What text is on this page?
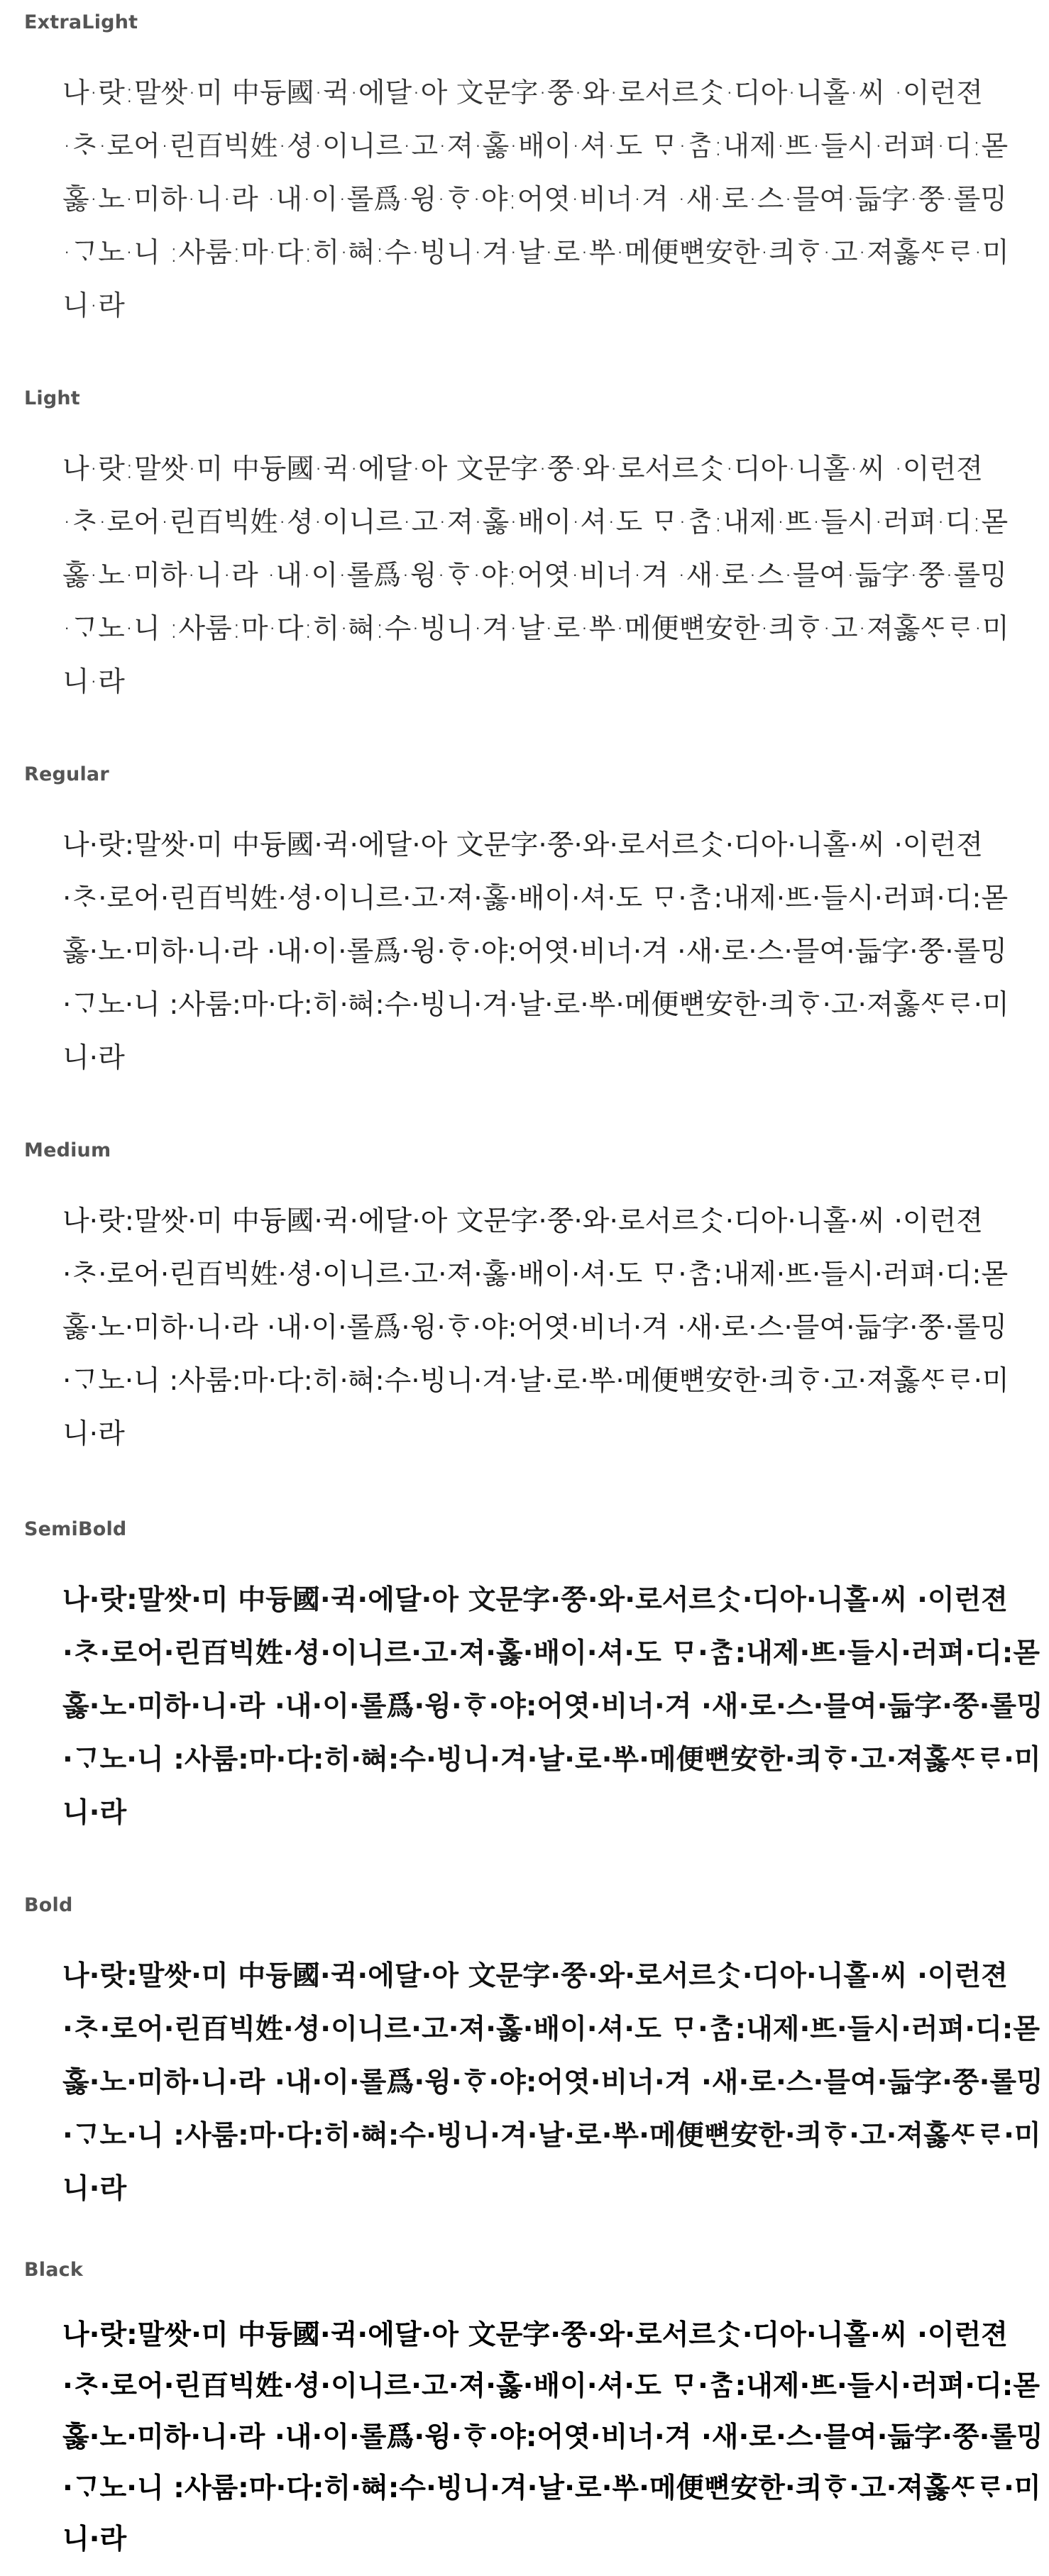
ExtraLight
나·랏:말쌋·미 中듕國·귁·에달·아 文문字·쭝·와·로서르ᄉᆞᆺ·디아·니홀·씨 ·이런젼
·ᄎᆞ·로어·린百빅姓·셩·이니르·고·져·홇·배이·셔·도 ᄆᆞ·ᄎᆞᆷ:내제·ᄠᅳ·들시·러펴·디:몯
홇·노·미하·니·라 ·내·이·롤爲·윙·ᄒᆞ·야:어엿·비너·겨 ·새·로·스·믈여·듧字·쭝·롤밍
·ᄀᆞ노·니 :사룸:마·다:히·ᅘᅧ:수·빙니·겨·날·로·ᄡᅮ·메便뼌安한·킈ᄒᆞ·고·져홇ᄯᆞᄅᆞ·미
니·라
Light
나·랏:말쌋·미 中듕國·귁·에달·아 文문字·쭝·와·로서르ᄉᆞᆺ·디아·니홀·씨 ·이런젼
·ᄎᆞ·로어·린百빅姓·셩·이니르·고·져·홇·배이·셔·도 ᄆᆞ·ᄎᆞᆷ:내제·ᄠᅳ·들시·러펴·디:몯
홇·노·미하·니·라 ·내·이·롤爲·윙·ᄒᆞ·야:어엿·비너·겨 ·새·로·스·믈여·듧字·쭝·롤밍
·ᄀᆞ노·니 :사룸:마·다:히·ᅘᅧ:수·빙니·겨·날·로·ᄡᅮ·메便뼌安한·킈ᄒᆞ·고·져홇ᄯᆞᄅᆞ·미
니·라
Regular
나·랏:말쌋·미 中듕國·귁·에달·아 文문字·쭝·와·로서르ᄉᆞᆺ·디아·니홀·씨 ·이런젼
·ᄎᆞ·로어·린百빅姓·셩·이니르·고·져·홇·배이·셔·도 ᄆᆞ·ᄎᆞᆷ:내제·ᄠᅳ·들시·러펴·디:몯
홇·노·미하·니·라 ·내·이·롤爲·윙·ᄒᆞ·야:어엿·비너·겨 ·새·로·스·믈여·듧字·쭝·롤밍
·ᄀᆞ노·니 :사룸:마·다:히·ᅘᅧ:수·빙니·겨·날·로·ᄡᅮ·메便뼌安한·킈ᄒᆞ·고·져홇ᄯᆞᄅᆞ·미
니·라
Medium
나·랏:말쌋·미 中듕國·귁·에달·아 文문字·쭝·와·로서르ᄉᆞᆺ·디아·니홀·씨 ·이런젼
·ᄎᆞ·로어·린百빅姓·셩·이니르·고·져·홇·배이·셔·도 ᄆᆞ·ᄎᆞᆷ:내제·ᄠᅳ·들시·러펴·디:몯
홇·노·미하·니·라 ·내·이·롤爲·윙·ᄒᆞ·야:어엿·비너·겨 ·새·로·스·믈여·듧字·쭝·롤밍
·ᄀᆞ노·니 :사룸:마·다:히·ᅘᅧ:수·빙니·겨·날·로·ᄡᅮ·메便뼌安한·킈ᄒᆞ·고·져홇ᄯᆞᄅᆞ·미
니·라
SemiBold
나·랏:말쌋·미 中듕國·귁·에달·아 文문字·쭝·와·로서르ᄉᆞᆺ·디아·니홀·씨 ·이런젼
·ᄎᆞ·로어·린百빅姓·셩·이니르·고·져·홇·배이·셔·도 ᄆᆞ·ᄎᆞᆷ:내제·ᄠᅳ·들시·러펴·디:몯
홇·노·미하·니·라 ·내·이·롤爲·윙·ᄒᆞ·야:어엿·비너·겨 ·새·로·스·믈여·듧字·쭝·롤밍
·ᄀᆞ노·니 :사룸:마·다:히·ᅘᅧ:수·빙니·겨·날·로·ᄡᅮ·메便뼌安한·킈ᄒᆞ·고·져홇ᄯᆞᄅᆞ·미
니·라
Bold
나·랏:말쌋·미 中듕國·귁·에달·아 文문字·쭝·와·로서르ᄉᆞᆺ·디아·니홀·씨 ·이런젼
·ᄎᆞ·로어·린百빅姓·셩·이니르·고·져·홇·배이·셔·도 ᄆᆞ·ᄎᆞᆷ:내제·ᄠᅳ·들시·러펴·디:몯
홇·노·미하·니·라 ·내·이·롤爲·윙·ᄒᆞ·야:어엿·비너·겨 ·새·로·스·믈여·듧字·쭝·롤밍
·ᄀᆞ노·니 :사룸:마·다:히·ᅘᅧ:수·빙니·겨·날·로·ᄡᅮ·메便뼌安한·킈ᄒᆞ·고·져홇ᄯᆞᄅᆞ·미
니·라
Black
나·랏:말쌋·미 中듕國·귁·에달·아 文문字·쭝·와·로서르ᄉᆞᆺ·디아·니홀·씨 ·이런젼
·ᄎᆞ·로어·린百빅姓·셩·이니르·고·져·홇·배이·셔·도 ᄆᆞ·ᄎᆞᆷ:내제·ᄠᅳ·들시·러펴·디:몯
홇·노·미하·니·라 ·내·이·롤爲·윙·ᄒᆞ·야:어엿·비너·겨 ·새·로·스·믈여·듧字·쭝·롤밍
·ᄀᆞ노·니 :사룸:마·다:히·ᅘᅧ:수·빙니·겨·날·로·ᄡᅮ·메便뼌安한·킈ᄒᆞ·고·져홇ᄯᆞᄅᆞ·미
니·라
